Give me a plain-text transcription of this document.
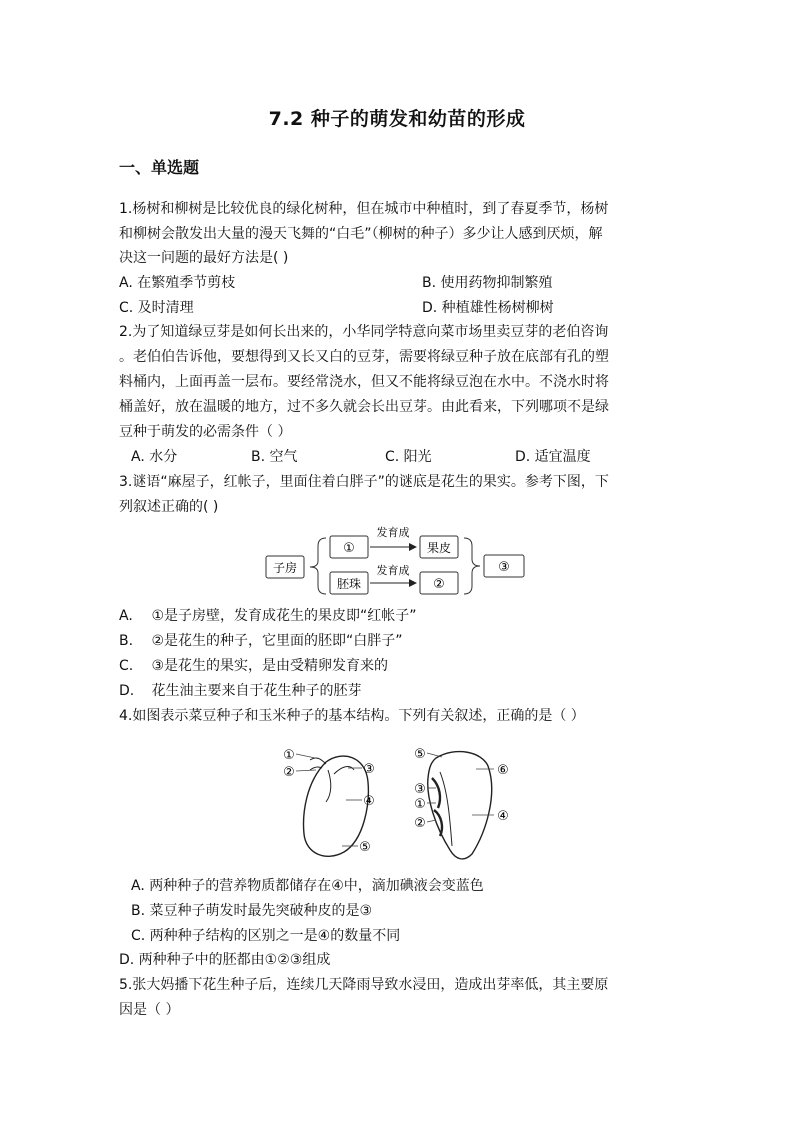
7.2 种子的萌发和幼苗的形成
一、单选题
1.杨树和柳树是比较优良的绿化树种，但在城市中种植时，到了春夏季节，杨树
和柳树会散发出大量的漫天飞舞的“白毛”（柳树的种子）多少让人感到厌烦，解
决这一问题的最好方法是( )
A. 在繁殖季节剪枝	B. 使用药物抑制繁殖
C. 及时清理	D. 种植雄性杨树柳树
2.为了知道绿豆芽是如何长出来的，小华同学特意向菜市场里卖豆芽的老伯咨询
。老伯伯告诉他，要想得到又长又白的豆芽，需要将绿豆种子放在底部有孔的塑
料桶内，上面再盖一层布。要经常浇水，但又不能将绿豆泡在水中。不浇水时将
桶盖好，放在温暖的地方，过不多久就会长出豆芽。由此看来，下列哪项不是绿
豆种于萌发的必需条件（ ）
A. 水分	B. 空气	C. 阳光	D. 适宜温度
3.谜语“麻屋子，红帐子，里面住着白胖子”的谜底是花生的果实。参考下图，下
列叙述正确的( )
子房
①
胚珠
发育成
发育成
果皮
②
③
A. ①是子房壁，发育成花生的果皮即“红帐子”
B. ②是花生的种子，它里面的胚即“白胖子”
C. ③是花生的果实，是由受精卵发育来的
D. 花生油主要来自于花生种子的胚芽
4.如图表示菜豆种子和玉米种子的基本结构。下列有关叙述，正确的是（ ）
①
②	③
④
⑤
⑤
③
①
②
⑥
④
A. 两种种子的营养物质都储存在④中，滴加碘液会变蓝色
B. 菜豆种子萌发时最先突破种皮的是③
C. 两种种子结构的区别之一是④的数量不同
D. 两种种子中的胚都由①②③组成
5.张大妈播下花生种子后，连续几天降雨导致水浸田，造成出芽率低，其主要原
因是（ ）
